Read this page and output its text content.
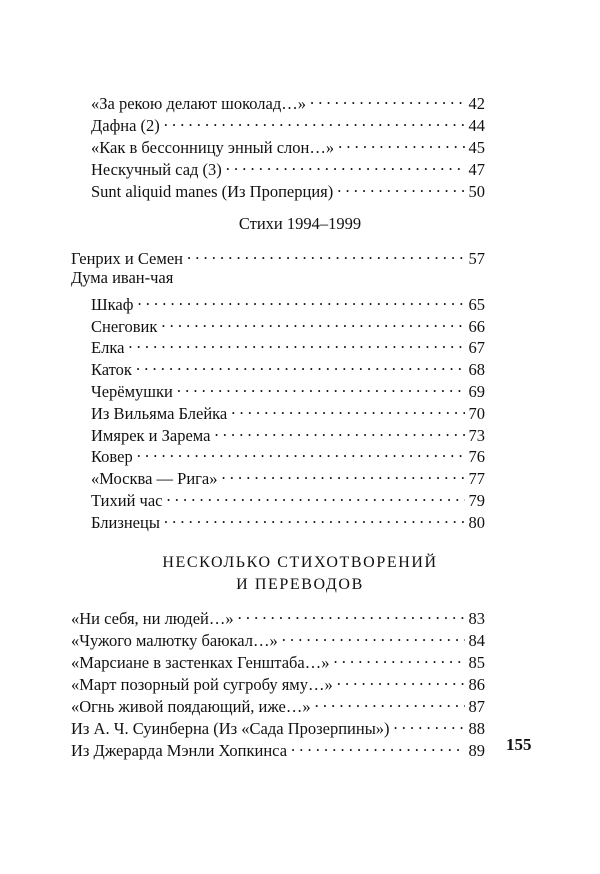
«За рекою делают шоколад…» . . .	42
Дафна (2) . . .	44
«Как в бессонницу энный слон…» . . .	45
Нескучный сад (3) . . .	47
Sunt aliquid manes (Из Проперция) . . .	50
Стихи 1994–1999
Генрих и Семен . . .	57
Дума иван-чая
Шкаф . . .	65
Снеговик . . .	66
Елка . . .	67
Каток . . .	68
Черёмушки . . .	69
Из Вильяма Блейка . . .	70
Имярек и Зарема . . .	73
Ковер . . .	76
«Москва — Рига» . . .	77
Тихий час . . .	79
Близнецы . . .	80
НЕСКОЛЬКО СТИХОТВОРЕНИЙ
И ПЕРЕВОДОВ
«Ни себя, ни людей…» . . .	83
«Чужого малютку баюкал…» . . .	84
«Марсиане в застенках Генштаба…» . . .	85
«Март позорный рой сугробу яму…» . . .	86
«Огнь живой поядающий, иже…» . . .	87
Из А. Ч. Суинберна (Из «Сада Прозерпины») . . .	88
Из Джерарда Мэнли Хопкинса . . .	89 155
